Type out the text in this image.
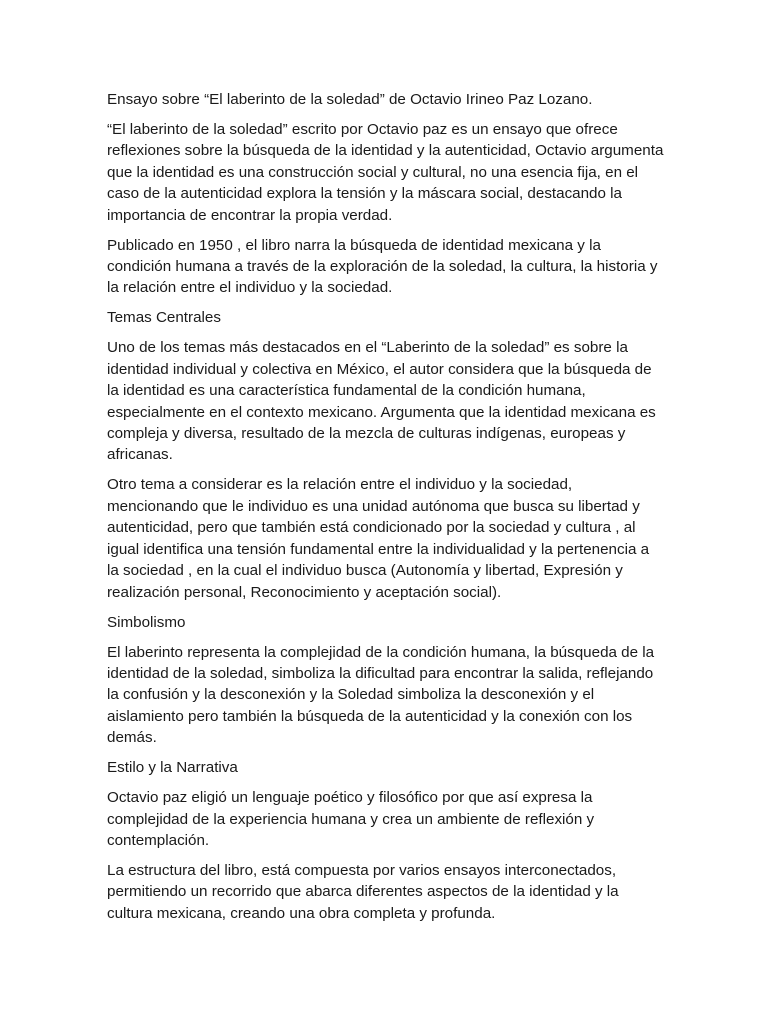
Ensayo sobre “El laberinto de la soledad” de Octavio Irineo Paz Lozano.

“El laberinto de la soledad” escrito por Octavio paz es un ensayo que ofrece reflexiones sobre la búsqueda de la identidad y la autenticidad, Octavio argumenta que la identidad es una construcción social y cultural, no una esencia fija, en el caso de la autenticidad explora la tensión y la máscara social, destacando la importancia de encontrar la propia verdad.

Publicado en 1950 , el libro narra la búsqueda de identidad mexicana y la condición humana a través de la exploración de la soledad, la cultura, la historia y la relación entre el individuo y la sociedad.

Temas Centrales

Uno de los temas más destacados en el “Laberinto de la soledad” es sobre la identidad individual y colectiva en México, el autor considera que la búsqueda de la identidad es una característica fundamental de la condición humana, especialmente en el contexto mexicano. Argumenta que la identidad mexicana es compleja y diversa, resultado de la mezcla de culturas indígenas, europeas y africanas.

Otro tema a considerar es la relación entre el individuo y la sociedad, mencionando que le individuo es una unidad autónoma que busca su libertad y autenticidad, pero que también está condicionado por la sociedad y cultura , al igual identifica una tensión fundamental entre la individualidad y la pertenencia a la sociedad , en la cual el individuo busca (Autonomía y libertad, Expresión y realización personal, Reconocimiento y aceptación social).

Simbolismo

El laberinto representa la complejidad de la condición humana, la búsqueda de la identidad de la soledad, simboliza la dificultad para encontrar la salida, reflejando la confusión y la desconexión y la Soledad simboliza la desconexión y el aislamiento pero también la búsqueda de la autenticidad y la conexión con los demás.

Estilo y la Narrativa

Octavio paz eligió un lenguaje poético y filosófico por que así expresa la complejidad de la experiencia humana y crea un ambiente de reflexión y contemplación.

La estructura del libro, está compuesta por varios ensayos interconectados, permitiendo un recorrido que abarca diferentes aspectos de la identidad y la cultura mexicana, creando una obra completa y profunda.
